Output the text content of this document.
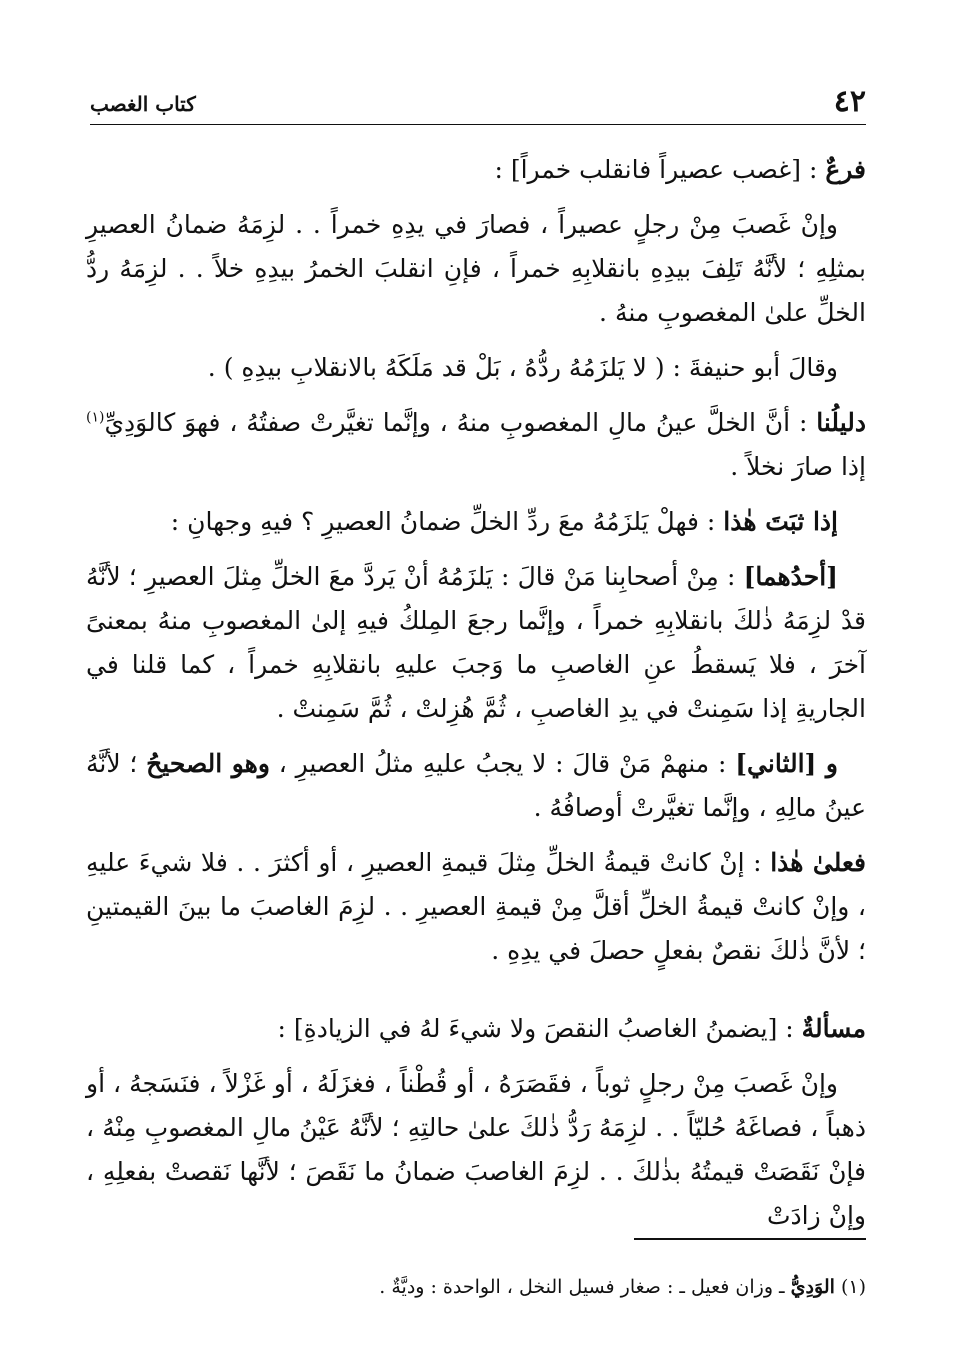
٤٢
كتاب الغصب

فرعٌ : [غصب عصيراً فانقلب خمراً] :

وإنْ غَصبَ مِنْ رجلٍ عصيراً ، فصارَ في يدِهِ خمراً . . لزِمَهُ ضمانُ العصيرِ بمثلِهِ ؛ لأنَّهُ تَلِفَ بيدِهِ بانقلابِهِ خمراً ، فإنِ انقلبَ الخمرُ بيدِهِ خلاً . . لزِمَهُ ردُّ الخلِّ علىٰ المغصوبِ منهُ .

وقالَ أبو حنيفةَ : ( لا يَلزَمُهُ ردُّهُ ، بَلْ قد مَلَكَهُ بالانقلابِ بيدِهِ ) .

دليلُنا : أنَّ الخلَّ عينُ مالِ المغصوبِ منهُ ، وإنَّما تغيَّرتْ صفتُهُ ، فهوَ كالوَدِيِّ$^{(١)}$ إذا صارَ نخلاً .

إذا ثبَتَ هٰذا : فهلْ يَلزَمُهُ معَ ردِّ الخلِّ ضمانُ العصيرِ ؟ فيهِ وجهانِ :

[أحدُهما] : مِنْ أصحابِنا مَنْ قالَ : يَلزَمُهُ أنْ يَردَّ معَ الخلِّ مِثلَ العصيرِ ؛ لأنَّهُ قدْ لزِمَهُ ذٰلكَ بانقلابِهِ خمراً ، وإنَّما رجعَ المِلكُ فيهِ إلىٰ المغصوبِ منهُ بمعنىً آخرَ ، فلا يَسقطُ عنِ الغاصبِ ما وَجبَ عليهِ بانقلابِهِ خمراً ، كما قلنا في الجاريةِ إذا سَمِنتْ في يدِ الغاصبِ ، ثُمَّ هُزِلتْ ، ثُمَّ سَمِنتْ .

و [الثاني] : منهمْ مَنْ قالَ : لا يجبُ عليهِ مثلُ العصيرِ ، وهو الصحيحُ ؛ لأنَّهُ عينُ مالِهِ ، وإنَّما تغيَّرتْ أوصافُهُ .

فعلىٰ هٰذا : إنْ كانتْ قيمةُ الخلِّ مِثلَ قيمةِ العصيرِ ، أو أكثرَ . . فلا شيءَ عليهِ ، وإنْ كانتْ قيمةُ الخلِّ أقلَّ مِنْ قيمةِ العصيرِ . . لزِمَ الغاصبَ ما بينَ القيمتينِ ؛ لأنَّ ذٰلكَ نقصٌ بفعلٍ حصلَ في يدِهِ .

مسألةٌ : [يضمنُ الغاصبُ النقصَ ولا شيءَ لهُ في الزيادةِ] :

وإنْ غَصبَ مِنْ رجلٍ ثوباً ، فقَصَرَهُ ، أو قُطْناً ، فغزَلَهُ ، أو غَزْلاً ، فنَسَجهُ ، أو ذهباً ، فصاغَهُ حُليّاً . . لزِمَهُ رَدُّ ذٰلكَ علىٰ حالتِهِ ؛ لأنَّهُ عَيْنُ مالِ المغصوبِ مِنْهُ ، فإنْ نَقَصَتْ قيمتُهُ بذٰلكَ . . لزِمَ الغاصبَ ضمانُ ما نَقَصَ ؛ لأنَّها نَقصتْ بفعلِهِ ، وإنْ زادَتْ

(١) الوَدِيُّ ـ وزان فعيل ـ : صغار فسيل النخل ، الواحدة : وديَّةٌ .
